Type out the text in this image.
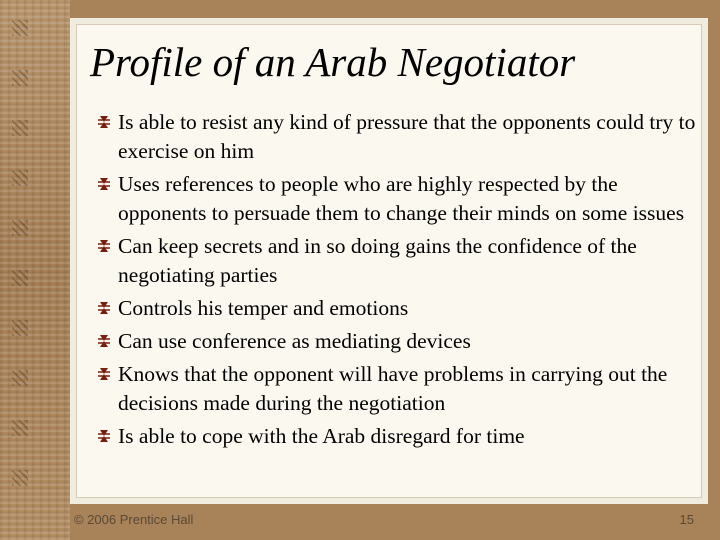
Profile of an Arab Negotiator
Is able to resist any kind of pressure that the opponents could try to exercise on him
Uses references to people who are highly respected by the opponents to persuade them to change their minds on some issues
Can keep secrets and in so doing gains the confidence of the negotiating parties
Controls his temper and emotions
Can use conference as mediating devices
Knows that the opponent will have problems in carrying out the decisions made during the negotiation
Is able to cope with the Arab disregard for time
© 2006 Prentice Hall	15
